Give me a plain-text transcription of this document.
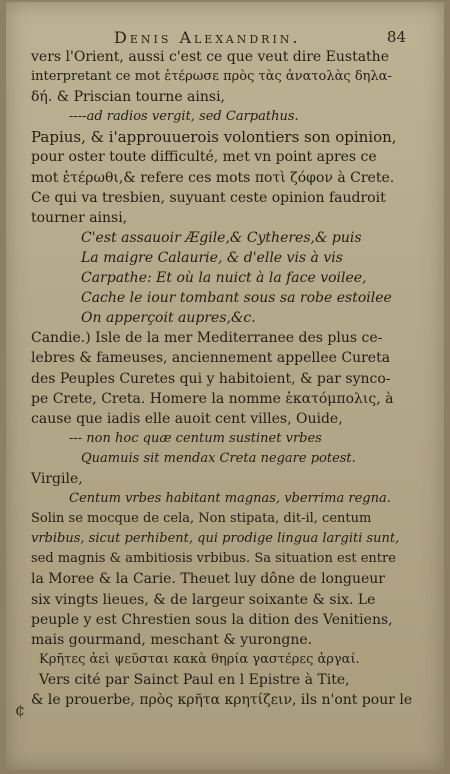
Denis Alexandrin.	84
vers l'Orient, aussi c'est ce que veut dire Eustathe
interpretant ce mot ἐτέρωσε πρὸς τὰς ἀνατολὰς δηλα-
δή. & Priscian tourne ainsi,
----ad radios vergit, sed Carpathus.
Papius, & i'approuuerois volontiers son opinion,
pour oster toute difficulté, met vn point apres ce
mot ἑτέρωθι,& refere ces mots ποτὶ ζόφον à Crete.
Ce qui va tresbien, suyuant ceste opinion faudroit
tourner ainsi,
C'est assauoir Ægile,& Cytheres,& puis
La maigre Calaurie, & d'elle vis à vis
Carpathe: Et où la nuict à la face voilee,
Cache le iour tombant sous sa robe estoilee
On apperçoit aupres,&c.
Candie.) Isle de la mer Mediterranee des plus ce-
lebres & fameuses, anciennement appellee Cureta
des Peuples Curetes qui y habitoient, & par synco-
pe Crete, Creta. Homere la nomme ἑκατόμπολις, à
cause que iadis elle auoit cent villes, Ouide,
--- non hoc quæ centum sustinet vrbes
Quamuis sit mendax Creta negare potest.
Virgile,
Centum vrbes habitant magnas, vberrima regna.
Solin se mocque de cela, Non stipata, dit-il, centum
vrbibus, sicut perhibent, qui prodige lingua largiti sunt,
sed magnis & ambitiosis vrbibus. Sa situation est entre
la Moree & la Carie. Theuet luy dône de longueur
six vingts lieues, & de largeur soixante & six. Le
peuple y est Chrestien sous la dition des Venitiens,
mais gourmand, meschant & yurongne.
Κρῆτες ἀεὶ ψεῦσται κακὰ θηρία γαστέρες ἀργαί.
Vers cité par Sainct Paul en l Epistre à Tite,
& le prouerbe, πρὸς κρῆτα κρητίζειν, ils n'ont pour le
¢
